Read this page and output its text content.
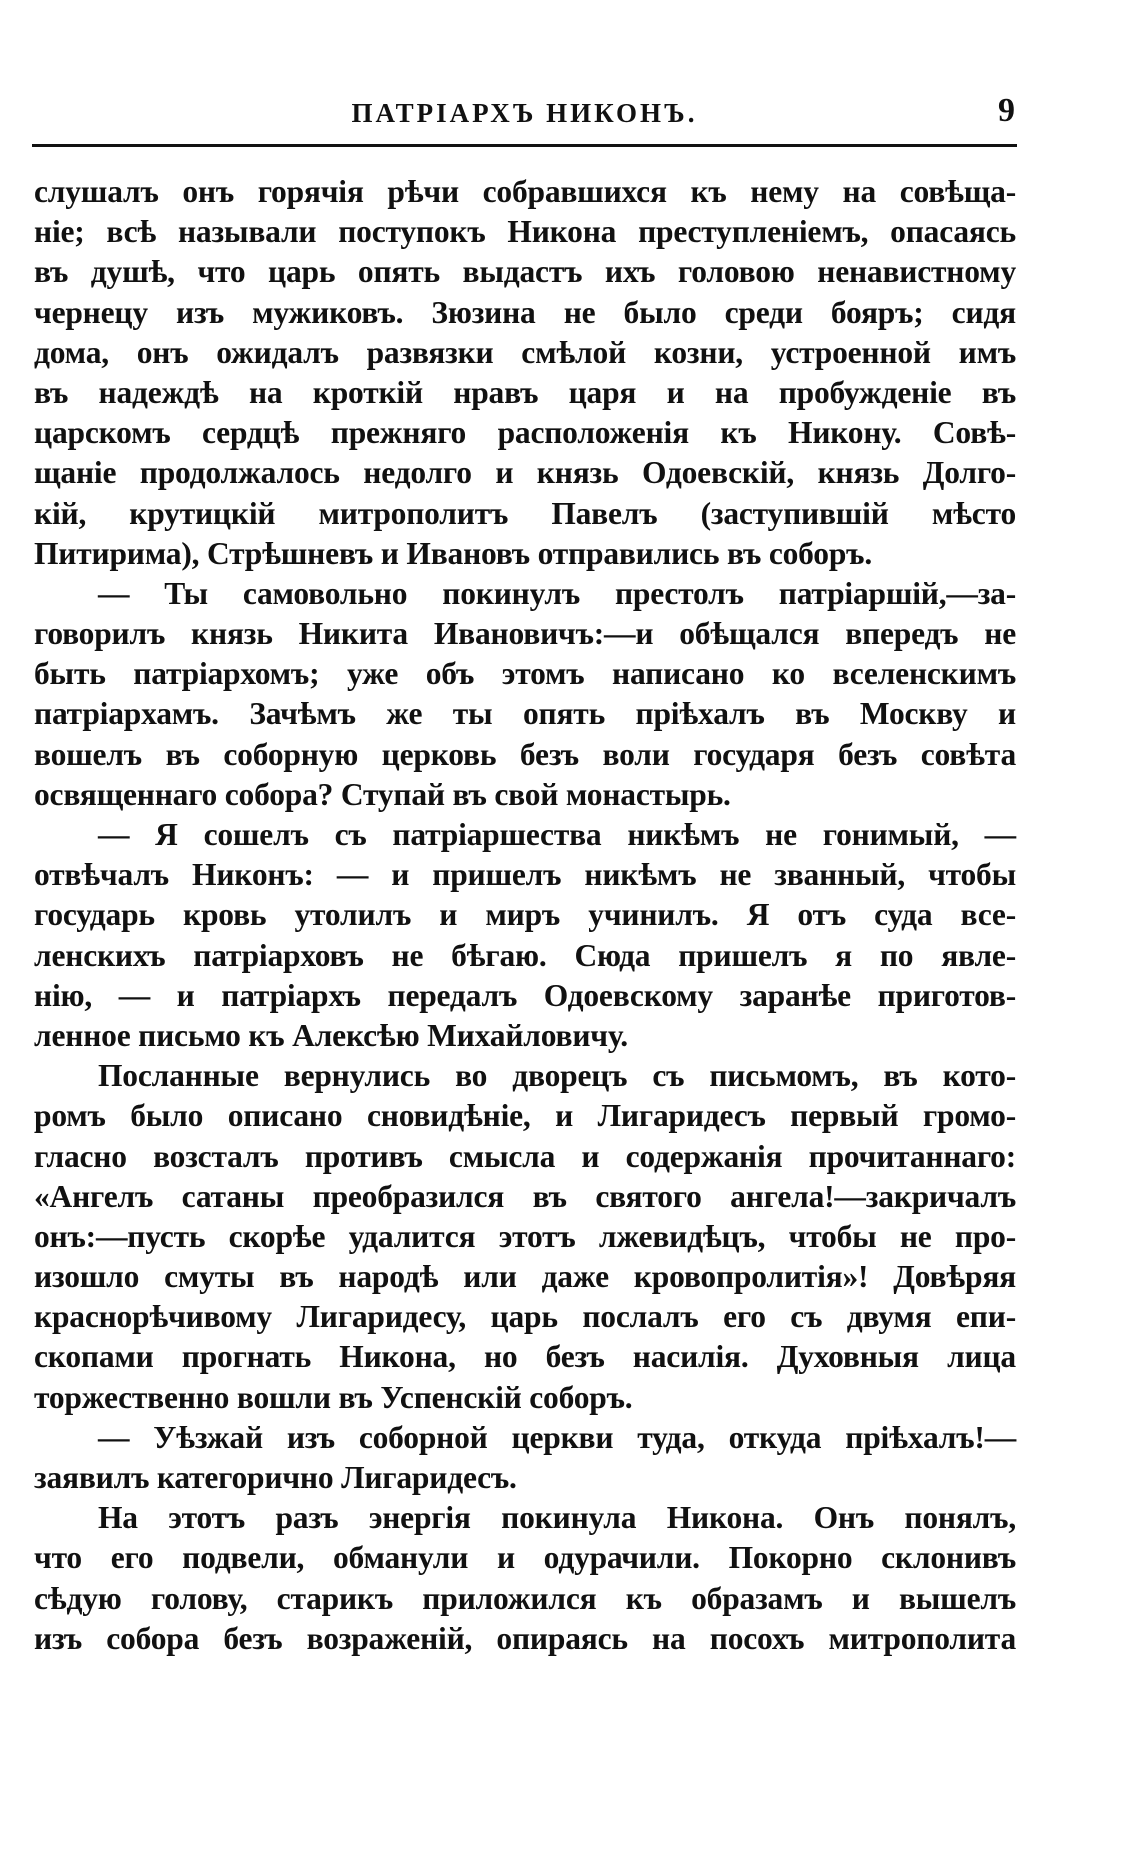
ПАТРІАРХЪ НИКОНЪ.	9
слушалъ онъ горячія рѣчи собравшихся къ нему на совѣща-
ніе; всѣ называли поступокъ Никона преступленіемъ, опасаясь
въ душѣ, что царь опять выдастъ ихъ головою ненавистному
чернецу изъ мужиковъ. Зюзина не было среди бояръ; сидя
дома, онъ ожидалъ развязки смѣлой козни, устроенной имъ
въ надеждѣ на кроткій нравъ царя и на пробужденіе въ
царскомъ сердцѣ прежняго расположенія къ Никону. Совѣ-
щаніе продолжалось недолго и князь Одоевскій, князь Долго-
кій, крутицкій митрополитъ Павелъ (заступившій мѣсто
Питирима), Стрѣшневъ и Ивановъ отправились въ соборъ.
— Ты самовольно покинулъ престолъ патріаршій,—за-
говорилъ князь Никита Ивановичъ:—и обѣщался впередъ не
быть патріархомъ; уже объ этомъ написано ко вселенскимъ
патріархамъ. Зачѣмъ же ты опять пріѣхалъ въ Москву и
вошелъ въ соборную церковь безъ воли государя безъ совѣта
освященнаго собора? Ступай въ свой монастырь.
— Я сошелъ съ патріаршества никѣмъ не гонимый, —
отвѣчалъ Никонъ: — и пришелъ никѣмъ не званный, чтобы
государь кровь утолилъ и миръ учинилъ. Я отъ суда все-
ленскихъ патріарховъ не бѣгаю. Сюда пришелъ я по явле-
нію, — и патріархъ передалъ Одоевскому заранѣе приготов-
ленное письмо къ Алексѣю Михайловичу.
Посланные вернулись во дворецъ съ письмомъ, въ кото-
ромъ было описано сновидѣніе, и Лигаридесъ первый громо-
гласно возсталъ противъ смысла и содержанія прочитаннаго:
«Ангелъ сатаны преобразился въ святого ангела!—закричалъ
онъ:—пусть скорѣе удалится этотъ лжевидѣцъ, чтобы не про-
изошло смуты въ народѣ или даже кровопролитія»! Довѣряя
краснорѣчивому Лигаридесу, царь послалъ его съ двумя епи-
скопами прогнать Никона, но безъ насилія. Духовныя лица
торжественно вошли въ Успенскій соборъ.
— Уѣзжай изъ соборной церкви туда, откуда пріѣхалъ!—
заявилъ категорично Лигаридесъ.
На этотъ разъ энергія покинула Никона. Онъ понялъ,
что его подвели, обманули и одурачили. Покорно склонивъ
сѣдую голову, старикъ приложился къ образамъ и вышелъ
изъ собора безъ возраженій, опираясь на посохъ митрополита
